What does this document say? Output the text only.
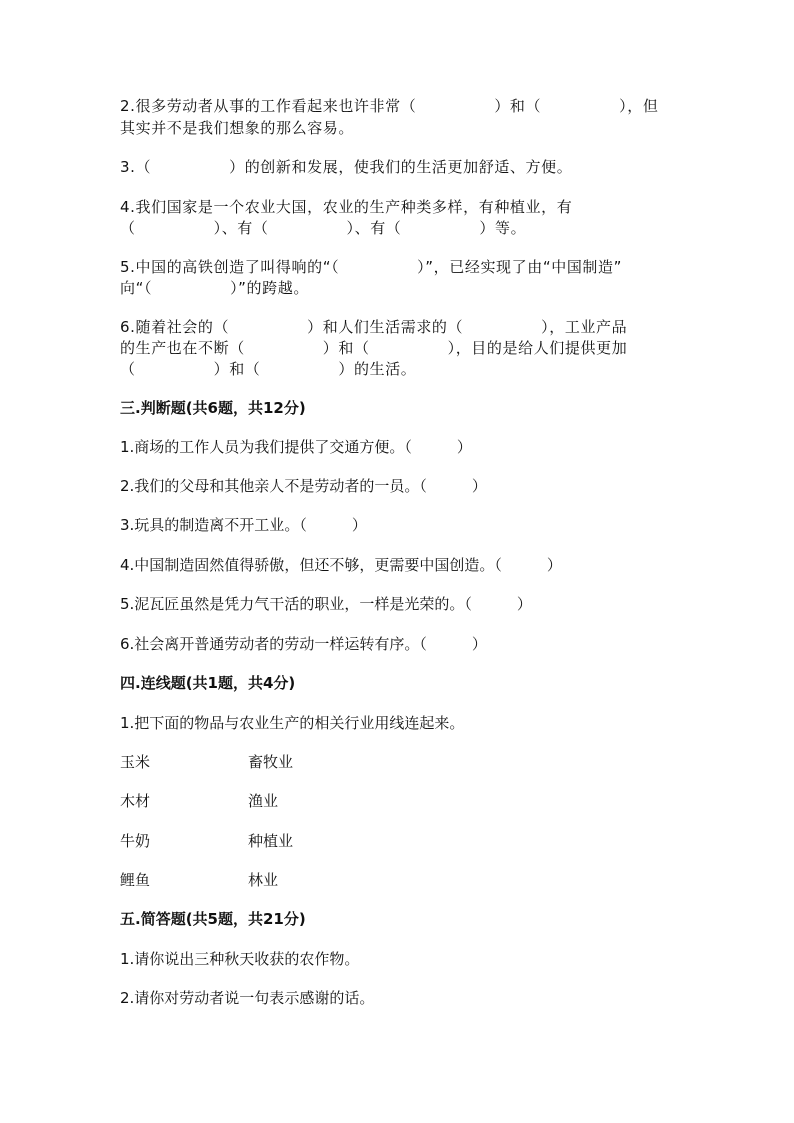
2.很多劳动者从事的工作看起来也许非常（　　　　　）和（　　　　　），但
其实并不是我们想象的那么容易。
3.（　　　　　）的创新和发展，使我们的生活更加舒适、方便。
4.我们国家是一个农业大国，农业的生产种类多样，有种植业，有
（　　　　　）、有（　　　　　）、有（　　　　　）等。
5.中国的高铁创造了叫得响的“（　　　　　）”，已经实现了由“中国制造”
向“（　　　　　）”的跨越。
6.随着社会的（　　　　　）和人们生活需求的（　　　　　），工业产品
的生产也在不断（　　　　　）和（　　　　　），目的是给人们提供更加
（　　　　　）和（　　　　　）的生活。
三.判断题(共6题，共12分)
1.商场的工作人员为我们提供了交通方便。（　　　）
2.我们的父母和其他亲人不是劳动者的一员。（　　　）
3.玩具的制造离不开工业。（　　　）
4.中国制造固然值得骄傲，但还不够，更需要中国创造。（　　　）
5.泥瓦匠虽然是凭力气干活的职业，一样是光荣的。（　　　）
6.社会离开普通劳动者的劳动一样运转有序。（　　　）
四.连线题(共1题，共4分)
1.把下面的物品与农业生产的相关行业用线连起来。
玉米	畜牧业
木材	渔业
牛奶	种植业
鲤鱼	林业
五.简答题(共5题，共21分)
1.请你说出三种秋天收获的农作物。
2.请你对劳动者说一句表示感谢的话。
